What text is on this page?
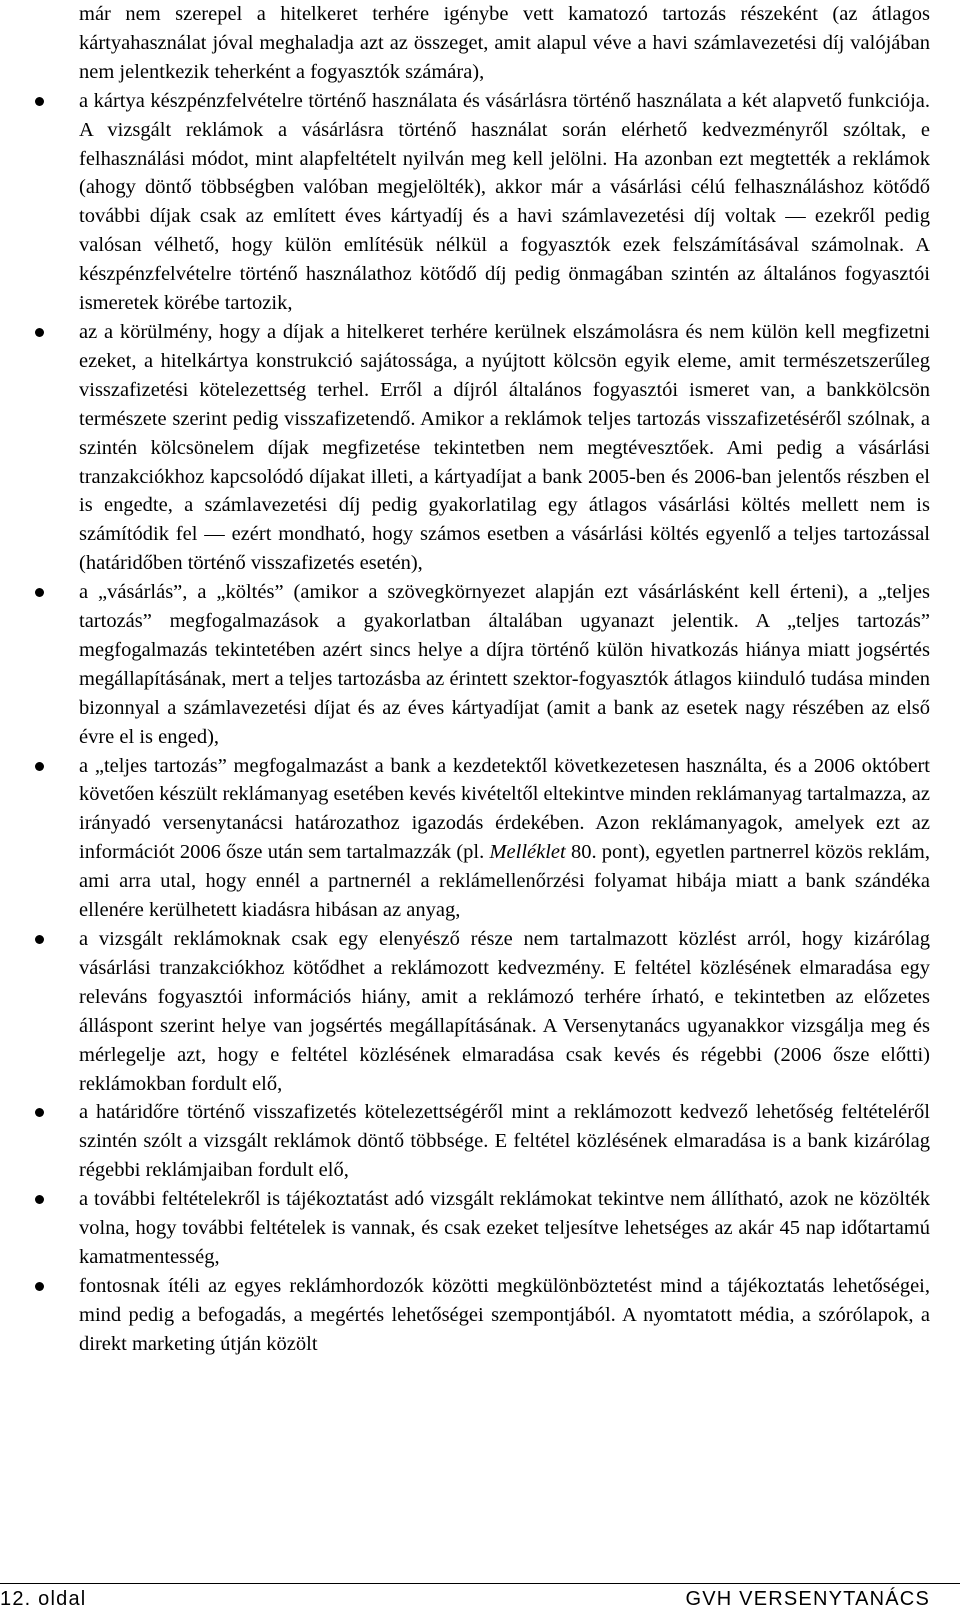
már nem szerepel a hitelkeret terhére igénybe vett kamatozó tartozás részeként (az átlagos kártyahasználat jóval meghaladja azt az összeget, amit alapul véve a havi számlavezetési díj valójában nem jelentkezik teherként a fogyasztók számára),

a kártya készpénzfelvételre történő használata és vásárlásra történő használata a két alapvető funkciója. A vizsgált reklámok a vásárlásra történő használat során elérhető kedvezményről szóltak, e felhasználási módot, mint alapfeltételt nyilván meg kell jelölni. Ha azonban ezt megtették a reklámok (ahogy döntő többségben valóban megjelölték), akkor már a vásárlási célú felhasználáshoz kötődő további díjak csak az említett éves kártyadíj és a havi számlavezetési díj voltak — ezekről pedig valósan vélhető, hogy külön említésük nélkül a fogyasztók ezek felszámításával számolnak. A készpénzfelvételre történő használathoz kötődő díj pedig önmagában szintén az általános fogyasztói ismeretek körébe tartozik,

az a körülmény, hogy a díjak a hitelkeret terhére kerülnek elszámolásra és nem külön kell megfizetni ezeket, a hitelkártya konstrukció sajátossága, a nyújtott kölcsön egyik eleme, amit természetszerűleg visszafizetési kötelezettség terhel. Erről a díjról általános fogyasztói ismeret van, a bankkölcsön természete szerint pedig visszafizetendő. Amikor a reklámok teljes tartozás visszafizetéséről szólnak, a szintén kölcsönelem díjak megfizetése tekintetben nem megtévesztőek. Ami pedig a vásárlási tranzakciókhoz kapcsolódó díjakat illeti, a kártyadíjat a bank 2005-ben és 2006-ban jelentős részben el is engedte, a számlavezetési díj pedig gyakorlatilag egy átlagos vásárlási költés mellett nem is számítódik fel — ezért mondható, hogy számos esetben a vásárlási költés egyenlő a teljes tartozással (határidőben történő visszafizetés esetén),

a „vásárlás”, a „költés” (amikor a szövegkörnyezet alapján ezt vásárlásként kell érteni), a „teljes tartozás” megfogalmazások a gyakorlatban általában ugyanazt jelentik. A „teljes tartozás” megfogalmazás tekintetében azért sincs helye a díjra történő külön hivatkozás hiánya miatt jogsértés megállapításának, mert a teljes tartozásba az érintett szektor-fogyasztók átlagos kiinduló tudása minden bizonnyal a számlavezetési díjat és az éves kártyadíjat (amit a bank az esetek nagy részében az első évre el is enged),

a „teljes tartozás” megfogalmazást a bank a kezdetektől következetesen használta, és a 2006 októbert követően készült reklámanyag esetében kevés kivételtől eltekintve minden reklámanyag tartalmazza, az irányadó versenytanácsi határozathoz igazodás érdekében. Azon reklámanyagok, amelyek ezt az információt 2006 ősze után sem tartalmazzák (pl. Melléklet 80. pont), egyetlen partnerrel közös reklám, ami arra utal, hogy ennél a partnernél a reklámellenőrzési folyamat hibája miatt a bank szándéka ellenére kerülhetett kiadásra hibásan az anyag,

a vizsgált reklámoknak csak egy elenyésző része nem tartalmazott közlést arról, hogy kizárólag vásárlási tranzakciókhoz kötődhet a reklámozott kedvezmény. E feltétel közlésének elmaradása egy releváns fogyasztói információs hiány, amit a reklámozó terhére írható, e tekintetben az előzetes álláspont szerint helye van jogsértés megállapításának. A Versenytanács ugyanakkor vizsgálja meg és mérlegelje azt, hogy e feltétel közlésének elmaradása csak kevés és régebbi (2006 ősze előtti) reklámokban fordult elő,

a határidőre történő visszafizetés kötelezettségéről mint a reklámozott kedvező lehetőség feltételéről szintén szólt a vizsgált reklámok döntő többsége. E feltétel közlésének elmaradása is a bank kizárólag régebbi reklámjaiban fordult elő,

a további feltételekről is tájékoztatást adó vizsgált reklámokat tekintve nem állítható, azok ne közölték volna, hogy további feltételek is vannak, és csak ezeket teljesítve lehetséges az akár 45 nap időtartamú kamatmentesség,

fontosnak ítéli az egyes reklámhordozók közötti megkülönböztetést mind a tájékoztatás lehetőségei, mind pedig a befogadás, a megértés lehetőségei szempontjából. A nyomtatott média, a szórólapok, a direkt marketing útján közölt

12. oldal	GVH VERSENYTANÁCS
